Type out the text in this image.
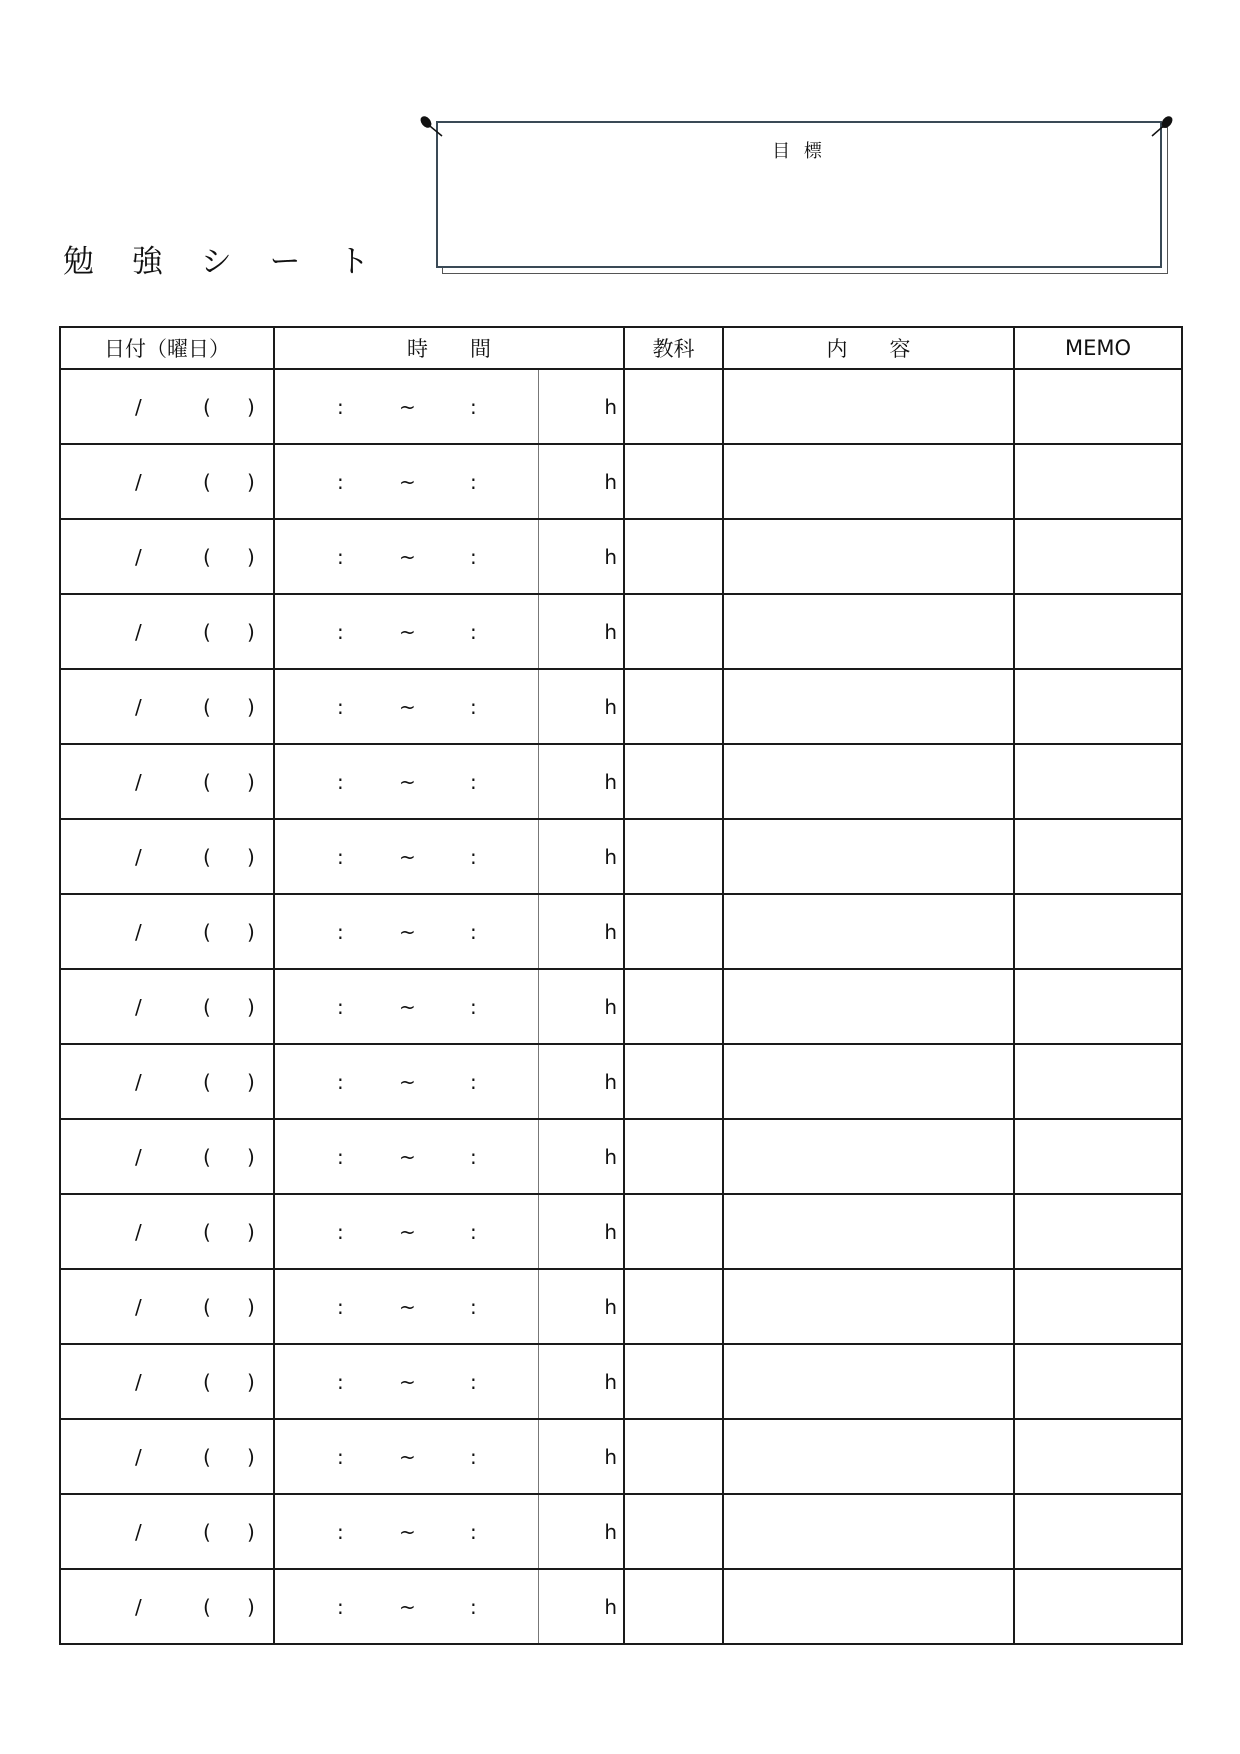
勉 強 シ ー ト
目 標
日付（曜日）	時　　間		教科	内　　容	MEMO

/ ( )	: ~ :	h			

/ ( )	: ~ :	h			

/ ( )	: ~ :	h			

/ ( )	: ~ :	h			

/ ( )	: ~ :	h			

/ ( )	: ~ :	h			

/ ( )	: ~ :	h			

/ ( )	: ~ :	h			

/ ( )	: ~ :	h			

/ ( )	: ~ :	h			

/ ( )	: ~ :	h			

/ ( )	: ~ :	h			

/ ( )	: ~ :	h			

/ ( )	: ~ :	h			

/ ( )	: ~ :	h			

/ ( )	: ~ :	h			

/ ( )	: ~ :	h			
